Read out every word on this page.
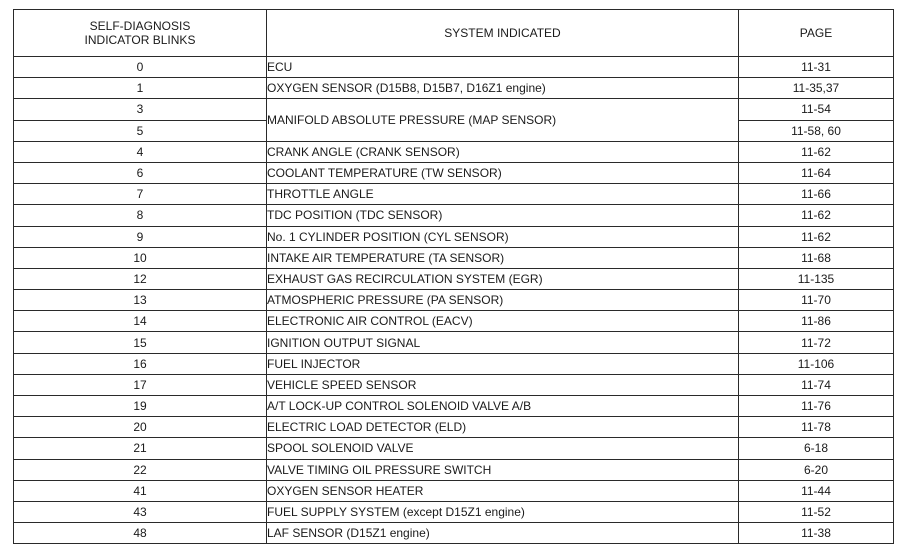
SELF-DIAGNOSIS
INDICATOR BLINKS	SYSTEM INDICATED	PAGE
0	ECU	11-31
1	OXYGEN SENSOR (D15B8, D15B7, D16Z1 engine)	11-35,37
3	MANIFOLD ABSOLUTE PRESSURE (MAP SENSOR)	11-54
5		11-58, 60
4	CRANK ANGLE (CRANK SENSOR)	11-62
6	COOLANT TEMPERATURE (TW SENSOR)	11-64
7	THROTTLE ANGLE	11-66
8	TDC POSITION (TDC SENSOR)	11-62
9	No. 1 CYLINDER POSITION (CYL SENSOR)	11-62
10	INTAKE AIR TEMPERATURE (TA SENSOR)	11-68
12	EXHAUST GAS RECIRCULATION SYSTEM (EGR)	11-135
13	ATMOSPHERIC PRESSURE (PA SENSOR)	11-70
14	ELECTRONIC AIR CONTROL (EACV)	11-86
15	IGNITION OUTPUT SIGNAL	11-72
16	FUEL INJECTOR	11-106
17	VEHICLE SPEED SENSOR	11-74
19	A/T LOCK-UP CONTROL SOLENOID VALVE A/B	11-76
20	ELECTRIC LOAD DETECTOR (ELD)	11-78
21	SPOOL SOLENOID VALVE	6-18
22	VALVE TIMING OIL PRESSURE SWITCH	6-20
41	OXYGEN SENSOR HEATER	11-44
43	FUEL SUPPLY SYSTEM (except D15Z1 engine)	11-52
48	LAF SENSOR (D15Z1 engine)	11-38
